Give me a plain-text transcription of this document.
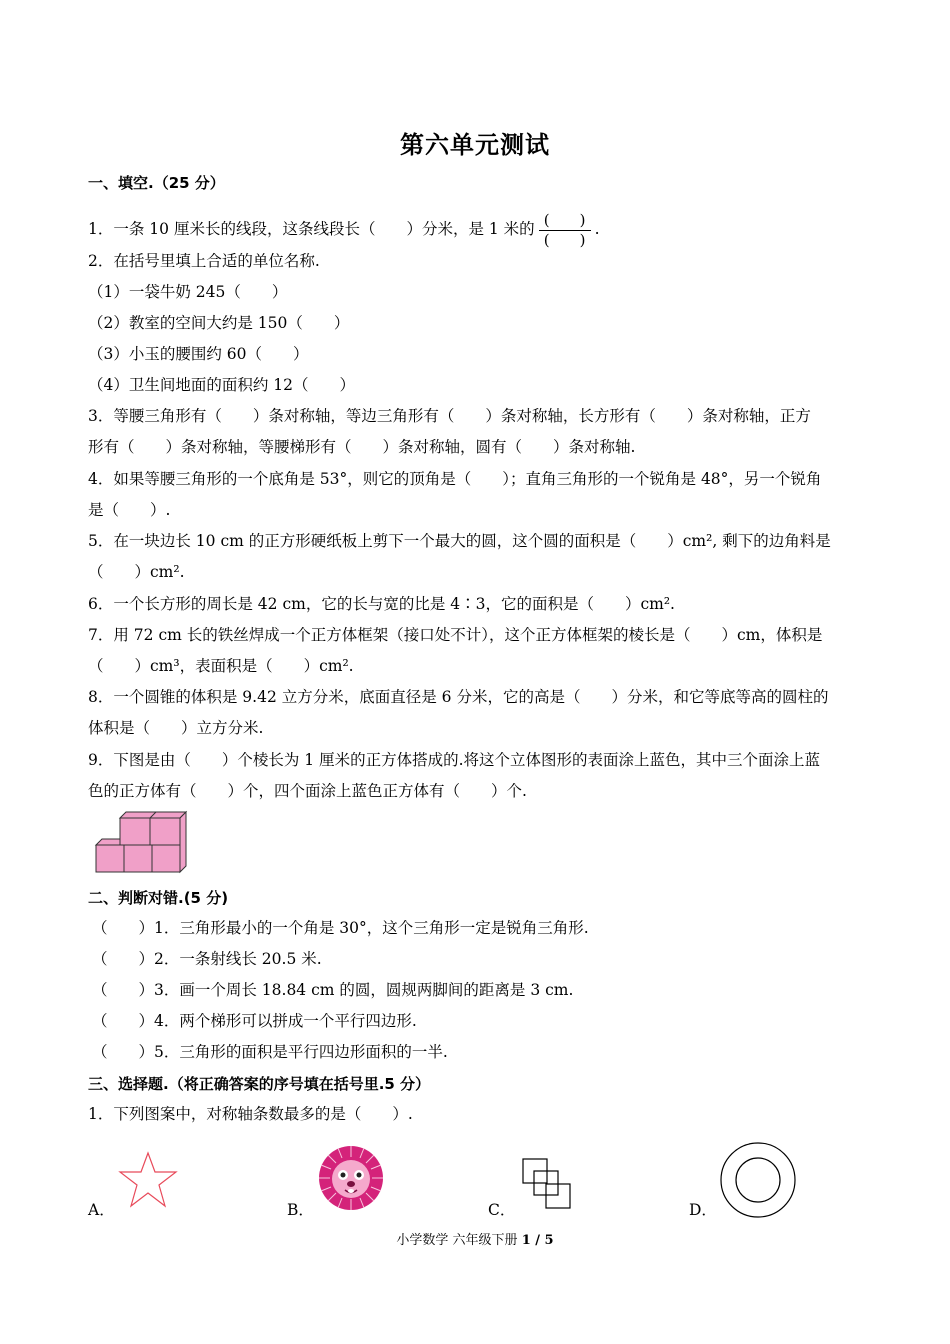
第六单元测试
一、填空.（25 分）
1．一条 10 厘米长的线段，这条线段长（　　）分米，是 1 米的 $\frac{( )}{( )}$ .
2．在括号里填上合适的单位名称.
（1）一袋牛奶 245（　　）
（2）教室的空间大约是 150（　　）
（3）小玉的腰围约 60（　　）
（4）卫生间地面的面积约 12（　　）
3．等腰三角形有（　　）条对称轴，等边三角形有（　　）条对称轴，长方形有（　　）条对称轴，正方
形有（　　）条对称轴，等腰梯形有（　　）条对称轴，圆有（　　）条对称轴.
4．如果等腰三角形的一个底角是 53°，则它的顶角是（　　）；直角三角形的一个锐角是 48°，另一个锐角
是（　　）.
5．在一块边长 10 cm 的正方形硬纸板上剪下一个最大的圆，这个圆的面积是（　　）cm², 剩下的边角料是
（　　）cm².
6．一个长方形的周长是 42 cm，它的长与宽的比是 4∶3，它的面积是（　　）cm².
7．用 72 cm 长的铁丝焊成一个正方体框架（接口处不计），这个正方体框架的棱长是（　　）cm，体积是
（　　）cm³，表面积是（　　）cm².
8．一个圆锥的体积是 9.42 立方分米，底面直径是 6 分米，它的高是（　　）分米，和它等底等高的圆柱的
体积是（　　）立方分米.
9．下图是由（　　）个棱长为 1 厘米的正方体搭成的.将这个立体图形的表面涂上蓝色，其中三个面涂上蓝
色的正方体有（　　）个，四个面涂上蓝色正方体有（　　）个.
二、判断对错.(5 分)
（　　）1．三角形最小的一个角是 30°，这个三角形一定是锐角三角形.
（　　）2．一条射线长 20.5 米.
（　　）3．画一个周长 18.84 cm 的圆，圆规两脚间的距离是 3 cm.
（　　）4．两个梯形可以拼成一个平行四边形.
（　　）5．三角形的面积是平行四边形面积的一半.
三、选择题.（将正确答案的序号填在括号里.5 分）
1．下列图案中，对称轴条数最多的是（　　）.
A．	B．	C．	D．
小学数学 六年级下册 1 / 5
